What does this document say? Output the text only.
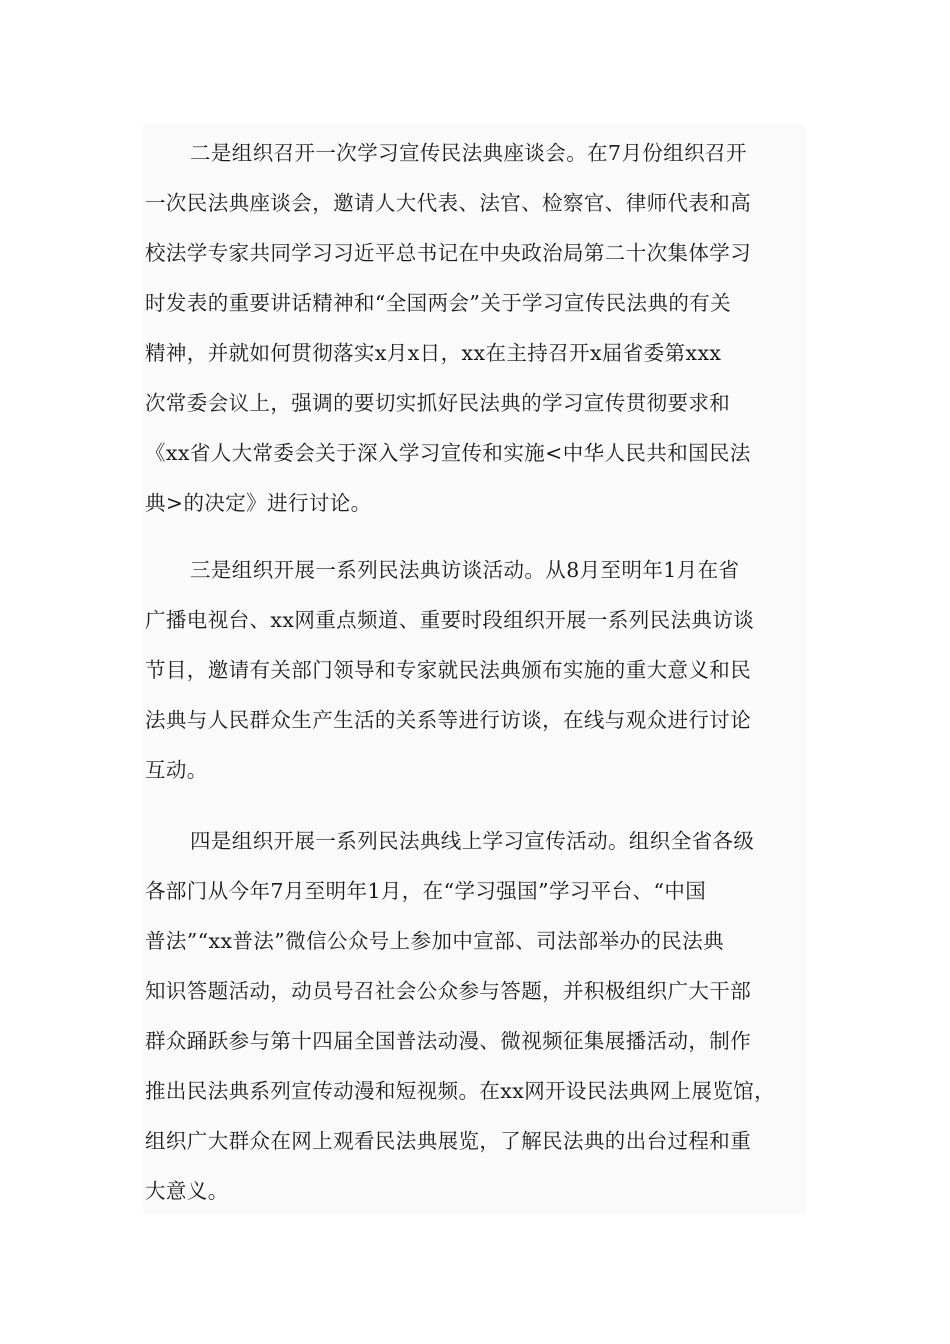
二是组织召开一次学习宣传民法典座谈会。在7月份组织召开
一次民法典座谈会，邀请人大代表、法官、检察官、律师代表和高
校法学专家共同学习习近平总书记在中央政治局第二十次集体学习
时发表的重要讲话精神和“全国两会”关于学习宣传民法典的有关
精神，并就如何贯彻落实x月x日，xx在主持召开x届省委第xxx
次常委会议上，强调的要切实抓好民法典的学习宣传贯彻要求和
《xx省人大常委会关于深入学习宣传和实施<中华人民共和国民法
典>的决定》进行讨论。
三是组织开展一系列民法典访谈活动。从8月至明年1月在省
广播电视台、xx网重点频道、重要时段组织开展一系列民法典访谈
节目，邀请有关部门领导和专家就民法典颁布实施的重大意义和民
法典与人民群众生产生活的关系等进行访谈，在线与观众进行讨论
互动。
四是组织开展一系列民法典线上学习宣传活动。组织全省各级
各部门从今年7月至明年1月，在“学习强国”学习平台、“中国
普法”“xx普法”微信公众号上参加中宣部、司法部举办的民法典
知识答题活动，动员号召社会公众参与答题，并积极组织广大干部
群众踊跃参与第十四届全国普法动漫、微视频征集展播活动，制作
推出民法典系列宣传动漫和短视频。在xx网开设民法典网上展览馆，
组织广大群众在网上观看民法典展览，了解民法典的出台过程和重
大意义。
